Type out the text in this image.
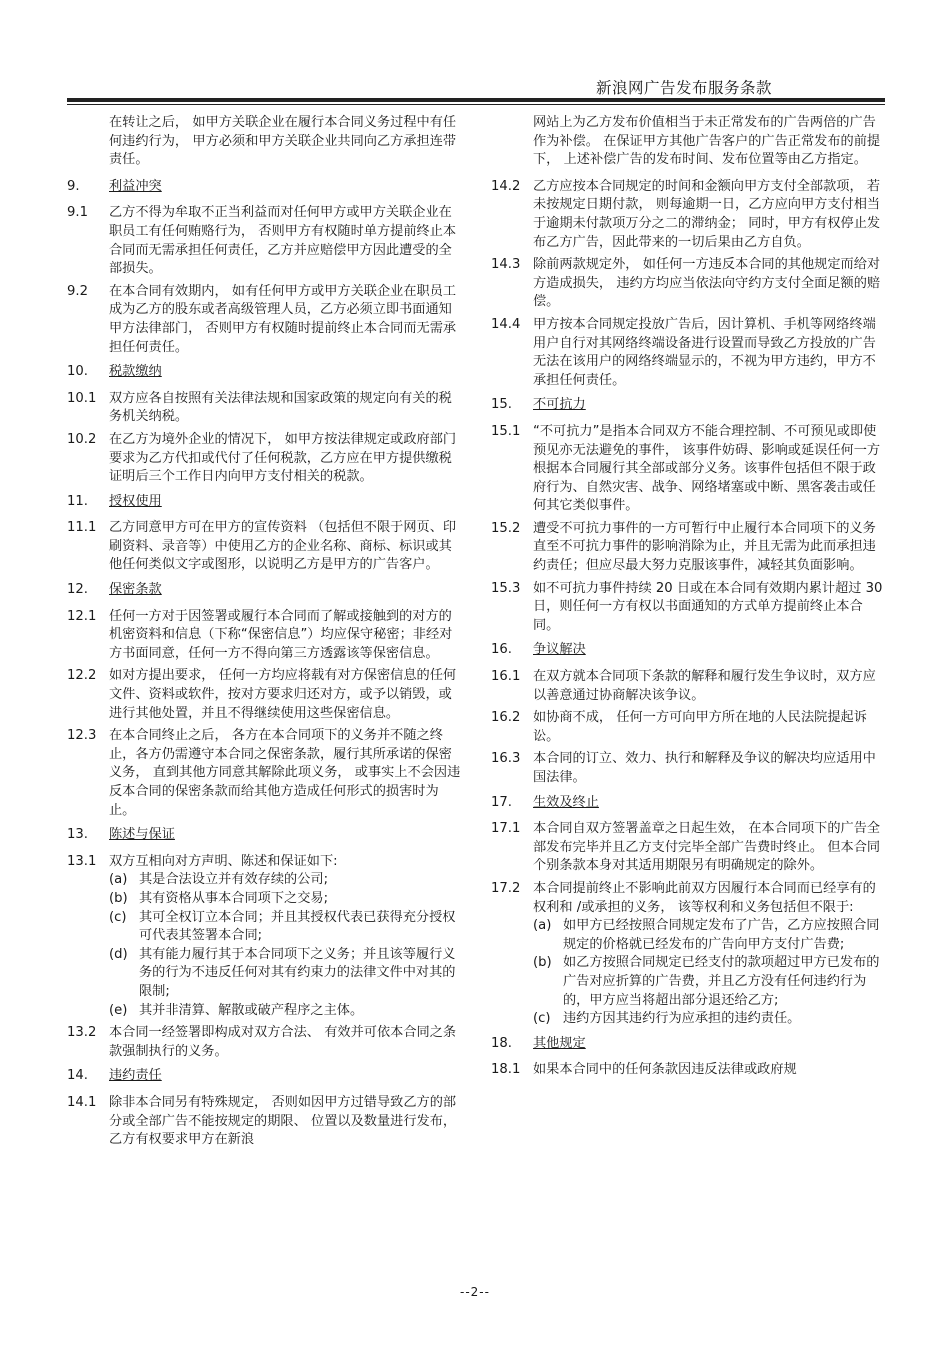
新浪网广告发布服务条款
在转让之后， 如甲方关联企业在履行本合同义务过程中有任何违约行为， 甲方必须和甲方关联企业共同向乙方承担连带责任。
9.	利益冲突
9.1	乙方不得为牟取不正当利益而对任何甲方或甲方关联企业在职员工有任何贿赂行为， 否则甲方有权随时单方提前终止本合同而无需承担任何责任，乙方并应赔偿甲方因此遭受的全部损失。
9.2	在本合同有效期内， 如有任何甲方或甲方关联企业在职员工成为乙方的股东或者高级管理人员，乙方必须立即书面通知甲方法律部门， 否则甲方有权随时提前终止本合同而无需承担任何责任。
10.	税款缴纳
10.1 双方应各自按照有关法律法规和国家政策的规定向有关的税务机关纳税。
10.2 在乙方为境外企业的情况下， 如甲方按法律规定或政府部门要求为乙方代扣或代付了任何税款，乙方应在甲方提供缴税证明后三个工作日内向甲方支付相关的税款。
11.	授权使用
11.1 乙方同意甲方可在甲方的宣传资料 （包括但不限于网页、印刷资料、录音等）中使用乙方的企业名称、商标、标识或其他任何类似文字或图形，以说明乙方是甲方的广告客户。
12.	保密条款
12.1 任何一方对于因签署或履行本合同而了解或接触到的对方的机密资料和信息（下称“保密信息”）均应保守秘密；非经对方书面同意，任何一方不得向第三方透露该等保密信息。
12.2 如对方提出要求， 任何一方均应将载有对方保密信息的任何文件、资料或软件，按对方要求归还对方，或予以销毁，或进行其他处置，并且不得继续使用这些保密信息。
12.3 在本合同终止之后， 各方在本合同项下的义务并不随之终止，各方仍需遵守本合同之保密条款，履行其所承诺的保密义务， 直到其他方同意其解除此项义务， 或事实上不会因违反本合同的保密条款而给其他方造成任何形式的损害时为止。
13.	陈述与保证
13.1 双方互相向对方声明、陈述和保证如下:
(a) 其是合法设立并有效存续的公司;
(b) 其有资格从事本合同项下之交易;
(c) 其可全权订立本合同；并且其授权代表已获得充分授权可代表其签署本合同;
(d) 其有能力履行其于本合同项下之义务；并且该等履行义务的行为不违反任何对其有约束力的法律文件中对其的限制;
(e) 其并非清算、解散或破产程序之主体。
13.2 本合同一经签署即构成对双方合法、 有效并可依本合同之条款强制执行的义务。
14.	违约责任
14.1 除非本合同另有特殊规定， 否则如因甲方过错导致乙方的部分或全部广告不能按规定的期限、 位置以及数量进行发布， 乙方有权要求甲方在新浪
网站上为乙方发布价值相当于未正常发布的广告两倍的广告作为补偿。 在保证甲方其他广告客户的广告正常发布的前提下， 上述补偿广告的发布时间、发布位置等由乙方指定。
14.2 乙方应按本合同规定的时间和金额向甲方支付全部款项， 若未按规定日期付款， 则每逾期一日，乙方应向甲方支付相当于逾期未付款项万分之二的滞纳金； 同时，甲方有权停止发布乙方广告，因此带来的一切后果由乙方自负。
14.3 除前两款规定外， 如任何一方违反本合同的其他规定而给对方造成损失， 违约方均应当依法向守约方支付全面足额的赔偿。
14.4 甲方按本合同规定投放广告后，因计算机、手机等网络终端用户自行对其网络终端设备进行设置而导致乙方投放的广告无法在该用户的网络终端显示的，不视为甲方违约，甲方不承担任何责任。
15.	不可抗力
15.1 “不可抗力”是指本合同双方不能合理控制、不可预见或即使预见亦无法避免的事件， 该事件妨碍、影响或延误任何一方根据本合同履行其全部或部分义务。该事件包括但不限于政府行为、自然灾害、战争、网络堵塞或中断、黑客袭击或任何其它类似事件。
15.2 遭受不可抗力事件的一方可暂行中止履行本合同项下的义务直至不可抗力事件的影响消除为止，并且无需为此而承担违约责任；但应尽最大努力克服该事件，减轻其负面影响。
15.3 如不可抗力事件持续 20 日或在本合同有效期内累计超过 30 日，则任何一方有权以书面通知的方式单方提前终止本合同。
16.	争议解决
16.1 在双方就本合同项下条款的解释和履行发生争议时，双方应以善意通过协商解决该争议。
16.2 如协商不成， 任何一方可向甲方所在地的人民法院提起诉讼。
16.3 本合同的订立、效力、执行和解释及争议的解决均应适用中国法律。
17.	生效及终止
17.1 本合同自双方签署盖章之日起生效， 在本合同项下的广告全部发布完毕并且乙方支付完毕全部广告费时终止。 但本合同个别条款本身对其适用期限另有明确规定的除外。
17.2 本合同提前终止不影响此前双方因履行本合同而已经享有的权利和 /或承担的义务， 该等权利和义务包括但不限于:
(a) 如甲方已经按照合同规定发布了广告，乙方应按照合同规定的价格就已经发布的广告向甲方支付广告费;
(b) 如乙方按照合同规定已经支付的款项超过甲方已发布的广告对应折算的广告费，并且乙方没有任何违约行为的，甲方应当将超出部分退还给乙方;
(c) 违约方因其违约行为应承担的违约责任。
18.	其他规定
18.1 如果本合同中的任何条款因违反法律或政府规
--2--
